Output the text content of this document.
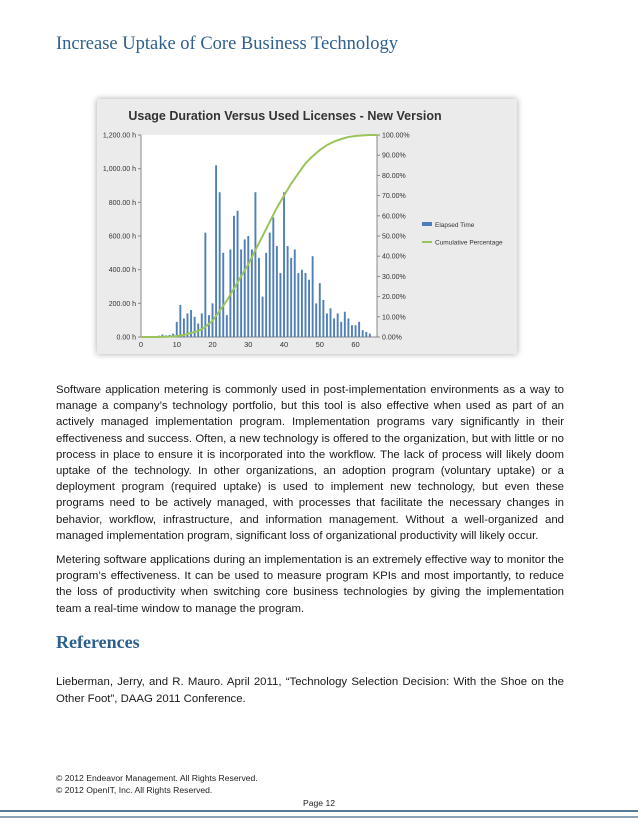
Increase Uptake of Core Business Technology
Usage Duration Versus Used Licenses - New Version
0.00 h
200.00 h
400.00 h
600.00 h
800.00 h
1,000.00 h
1,200.00 h
0.00%
10.00%
20.00%
30.00%
40.00%
50.00%
60.00%
70.00%
80.00%
90.00%
100.00%
0	10	20	30	40	50	60
Elapsed Time
Cumulative Percentage

Software application metering is commonly used in post-implementation environments as a way to manage a company’s technology portfolio, but this tool is also effective when used as part of an actively managed implementation program. Implementation programs vary significantly in their effectiveness and success. Often, a new technology is offered to the organization, but with little or no process in place to ensure it is incorporated into the workflow. The lack of process will likely doom uptake of the technology. In other organizations, an adoption program (voluntary uptake) or a deployment program (required uptake) is used to implement new technology, but even these programs need to be actively managed, with processes that facilitate the necessary changes in behavior, workflow, infrastructure, and information management. Without a well-organized and managed implementation program, significant loss of organizational productivity will likely occur.

Metering software applications during an implementation is an extremely effective way to monitor the program’s effectiveness. It can be used to measure program KPIs and most importantly, to reduce the loss of productivity when switching core business technologies by giving the implementation team a real-time window to manage the program.

References

Lieberman, Jerry, and R. Mauro. April 2011, “Technology Selection Decision: With the Shoe on the Other Foot”, DAAG 2011 Conference.

© 2012 Endeavor Management. All Rights Reserved.

© 2012 OpenIT, Inc. All Rights Reserved.

Page 12
